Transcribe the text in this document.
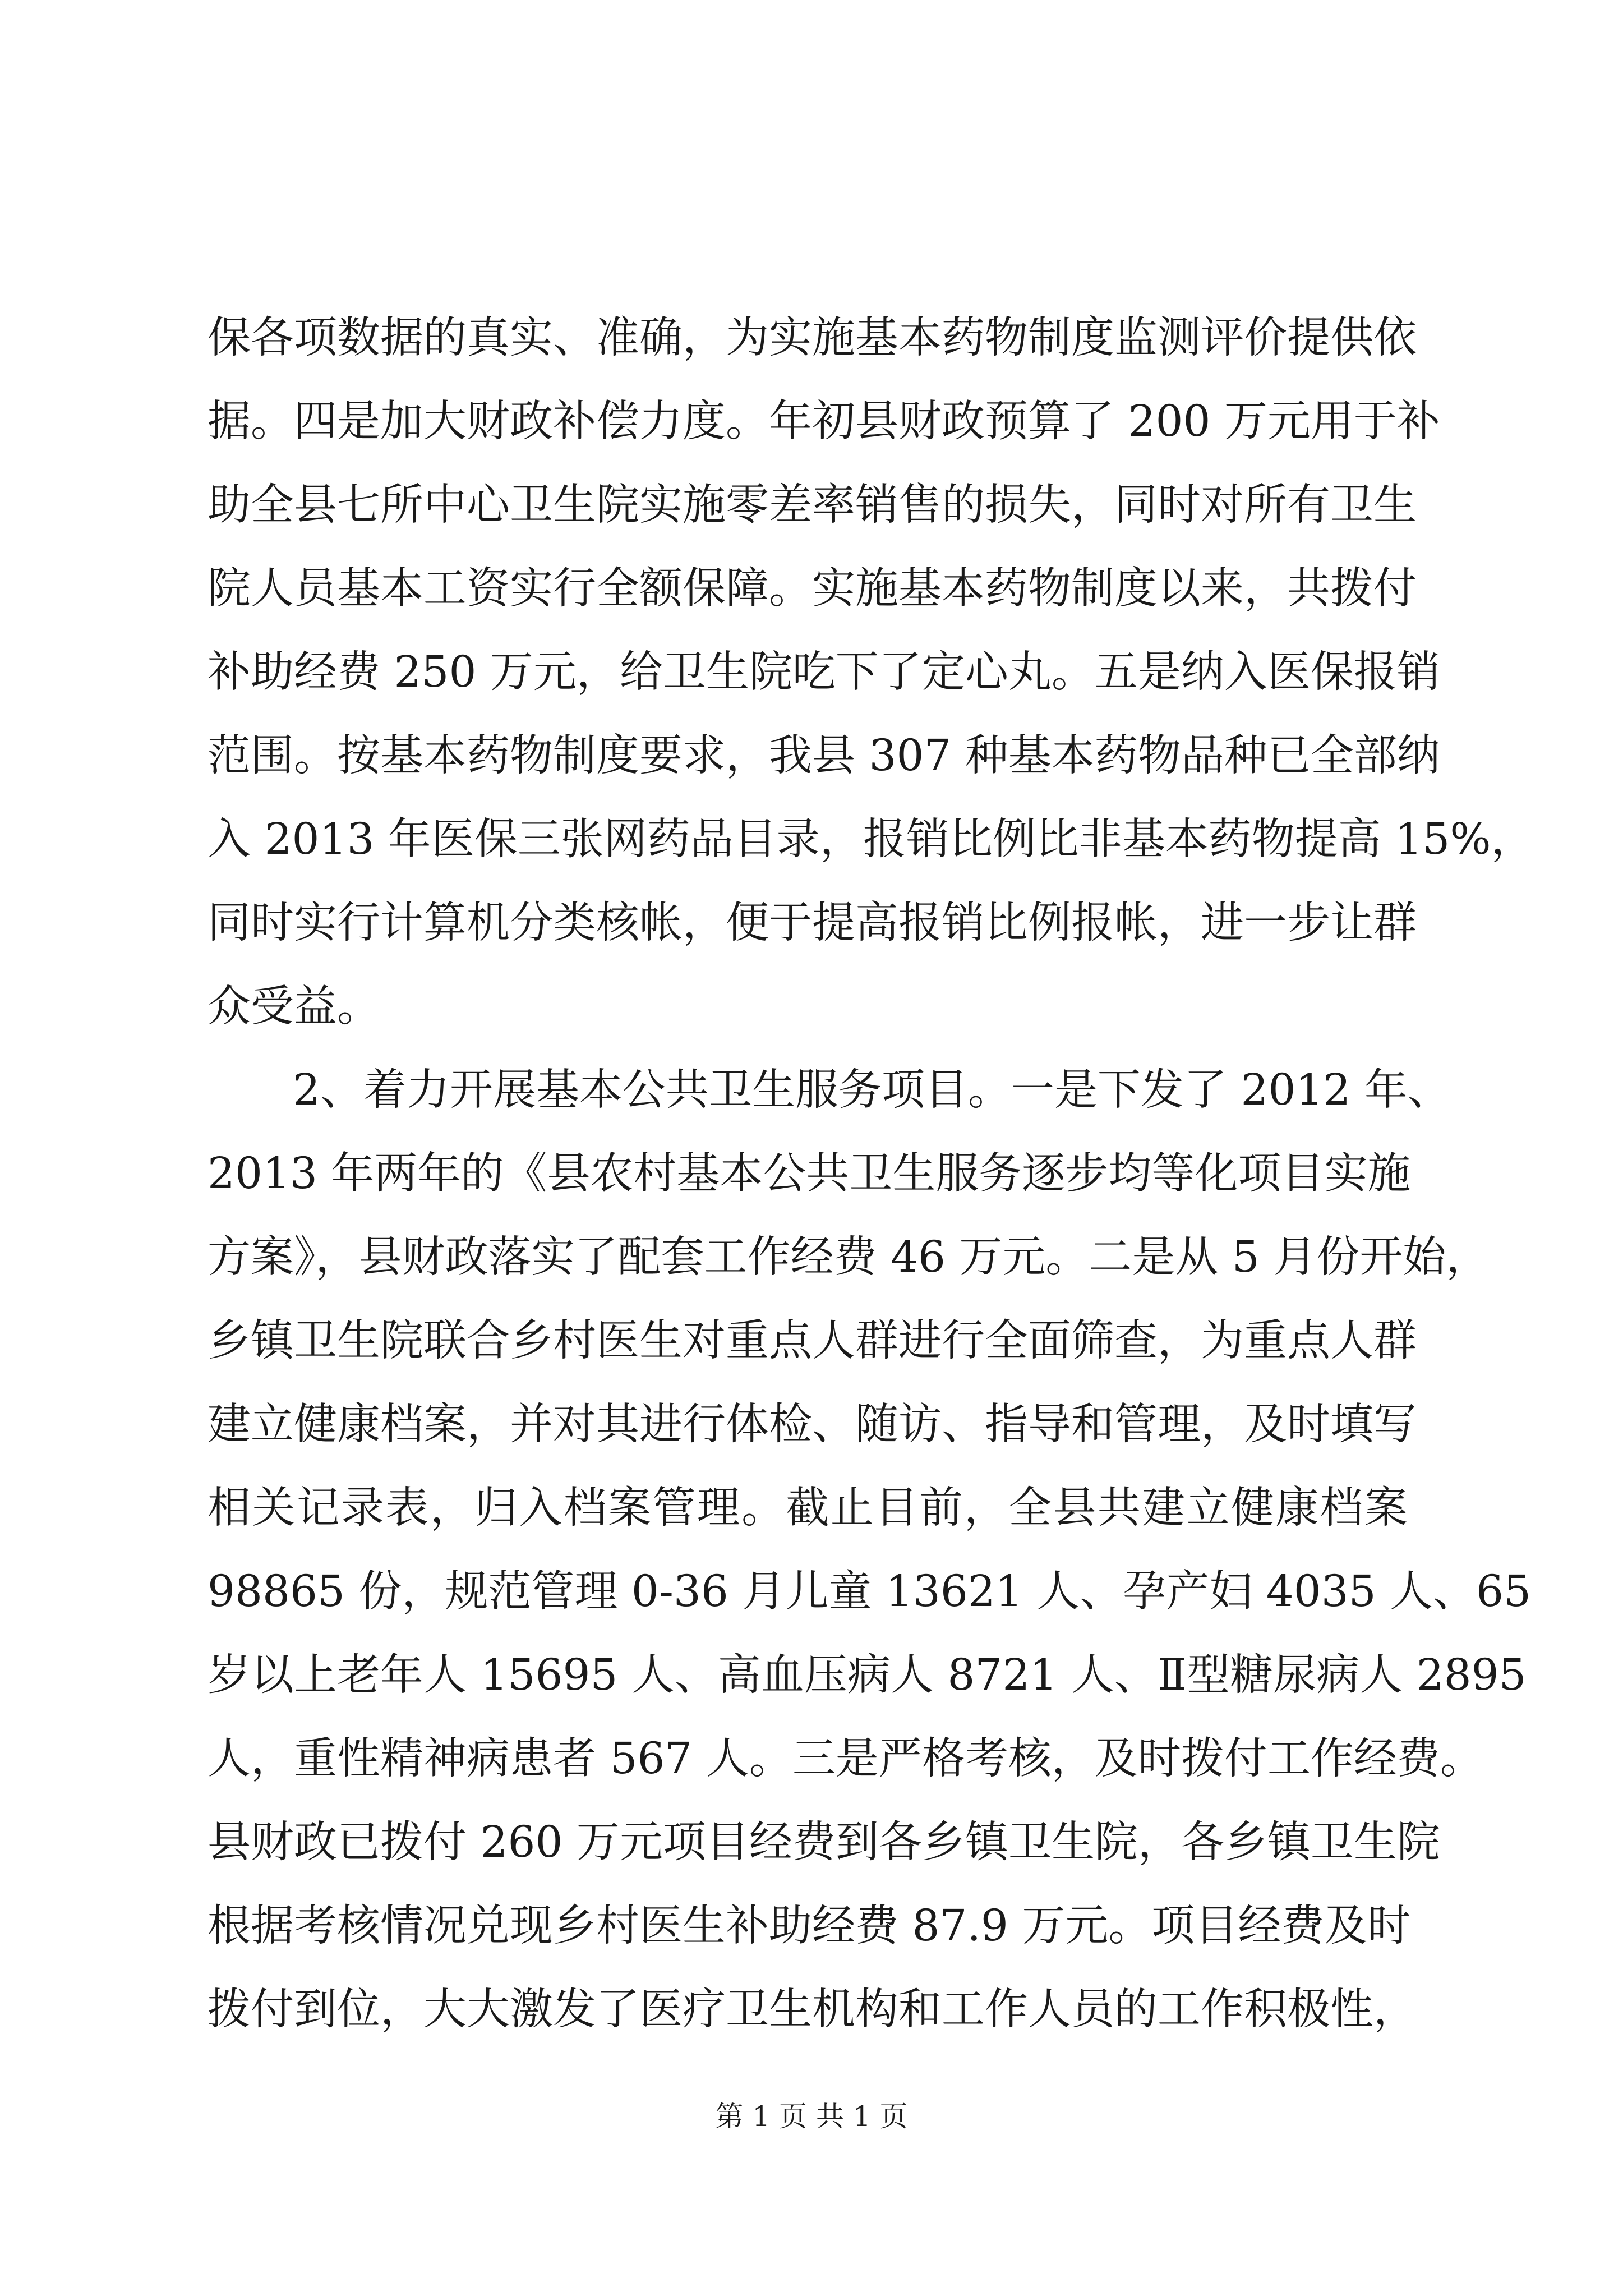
保各项数据的真实、准确，为实施基本药物制度监测评价提供依
据。四是加大财政补偿力度。年初县财政预算了 200 万元用于补
助全县七所中心卫生院实施零差率销售的损失，同时对所有卫生
院人员基本工资实行全额保障。实施基本药物制度以来，共拨付
补助经费 250 万元，给卫生院吃下了定心丸。五是纳入医保报销
范围。按基本药物制度要求，我县 307 种基本药物品种已全部纳
入 2013 年医保三张网药品目录，报销比例比非基本药物提高 15%，
同时实行计算机分类核帐，便于提高报销比例报帐，进一步让群
众受益。
2、着力开展基本公共卫生服务项目。一是下发了 2012 年、
2013 年两年的《县农村基本公共卫生服务逐步均等化项目实施
方案》，县财政落实了配套工作经费 46 万元。二是从 5 月份开始，
乡镇卫生院联合乡村医生对重点人群进行全面筛查，为重点人群
建立健康档案，并对其进行体检、随访、指导和管理，及时填写
相关记录表，归入档案管理。截止目前，全县共建立健康档案
98865 份，规范管理 0-36 月儿童 13621 人、孕产妇 4035 人、65
岁以上老年人 15695 人、高血压病人 8721 人、Ⅱ型糖尿病人 2895
人，重性精神病患者 567 人。三是严格考核，及时拨付工作经费。
县财政已拨付 260 万元项目经费到各乡镇卫生院，各乡镇卫生院
根据考核情况兑现乡村医生补助经费 87.9 万元。项目经费及时
拨付到位，大大激发了医疗卫生机构和工作人员的工作积极性，
第 1 页 共 1 页
